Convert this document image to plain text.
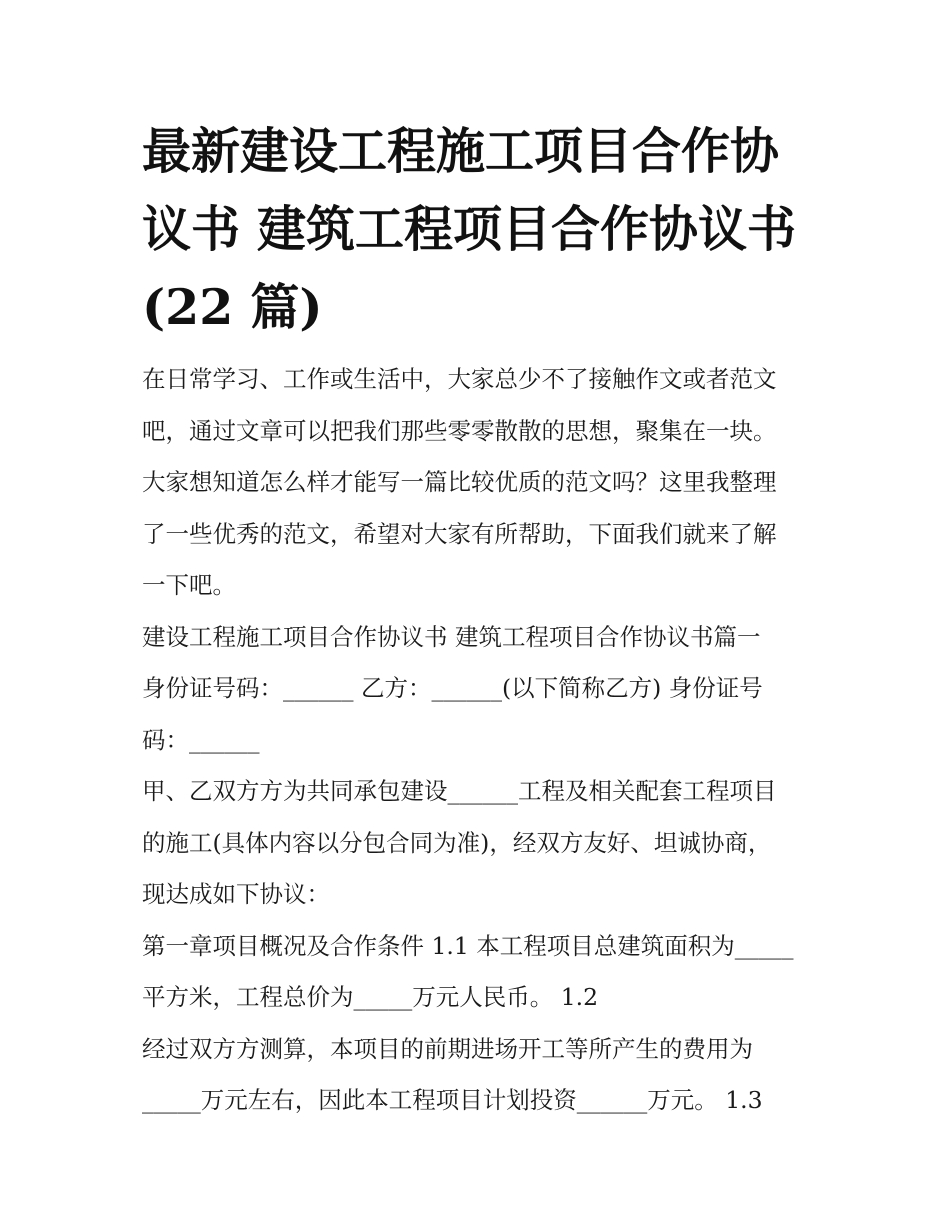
最新建设工程施工项目合作协
议书 建筑工程项目合作协议书
(22 篇)

在日常学习、工作或生活中，大家总少不了接触作文或者范文
吧，通过文章可以把我们那些零零散散的思想，聚集在一块。
大家想知道怎么样才能写一篇比较优质的范文吗？这里我整理
了一些优秀的范文，希望对大家有所帮助，下面我们就来了解
一下吧。

建设工程施工项目合作协议书 建筑工程项目合作协议书篇一

身份证号码：______ 乙方：______(以下简称乙方) 身份证号
码：______

甲、乙双方方为共同承包建设______工程及相关配套工程项目
的施工(具体内容以分包合同为准)，经双方友好、坦诚协商，
现达成如下协议：

第一章项目概况及合作条件 1.1 本工程项目总建筑面积为_____
平方米，工程总价为_____万元人民币。 1.2

经过双方方测算，本项目的前期进场开工等所产生的费用为
_____万元左右，因此本工程项目计划投资______万元。 1.3
